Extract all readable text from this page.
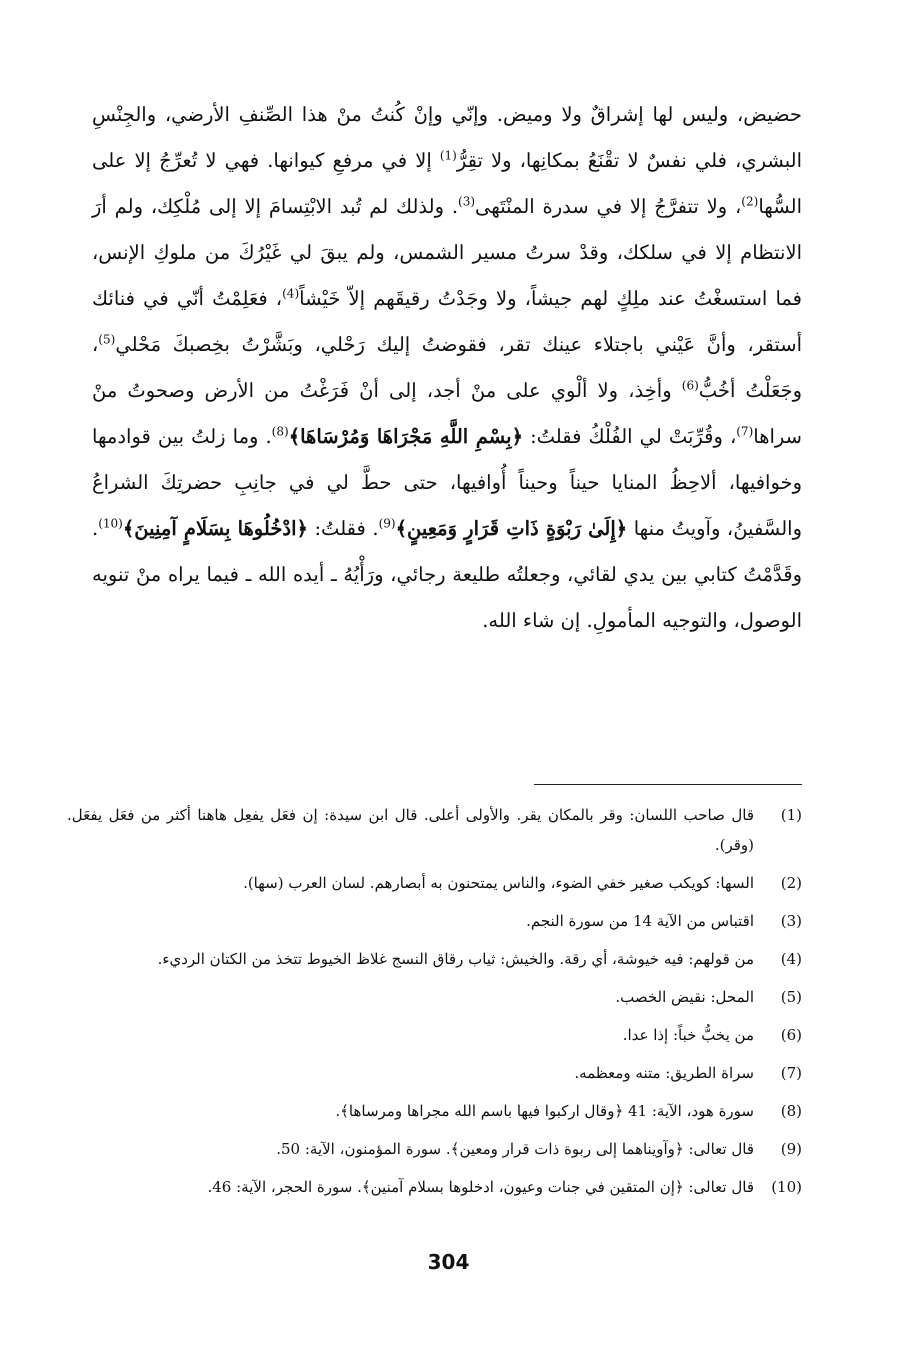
حضيض، وليس لها إشراقٌ ولا وميض. وإنّي وإنْ كُنتُ منْ هذا الصِّنفِ الأرضي، والجِنْسِ البشري، فلي نفسٌ لا تقْنَعُ بمكانِها، ولا تقِرُّ$^{(1)}$ إلا في مرفعِ كيوانها. فهي لا تُعرِّجُ إلا على السُّها$^{(2)}$، ولا تتفرَّجُ إلا في سدرة المنْتَهى$^{(3)}$. ولذلك لم تُبد الابْتِسامَ إلا إلى مُلْكِك، ولم أرَ الانتظام إلا في سلكك، وقدْ سرتُ مسير الشمس، ولم يبقَ لي غَيْرُكَ من ملوكِ الإنس، فما استسغْتُ عند ملِكٍ لهم جيشاً، ولا وجَدْتُ رقيقَهم إلاّ خَيْشاً$^{(4)}$، فعَلِمْتُ أنّي في فنائك أستقر، وأنَّ عَيْني باجتلاء عينك تقر، فقوضتُ إليك رَحْلي، وبَشَّرْتُ بخِصبكَ مَحْلي$^{(5)}$، وجَعَلْتُ أخُبُّ$^{(6)}$ وأخِذ، ولا ألْوي على منْ أجد، إلى أنْ فَرَغْتُ من الأرض وصحوتُ منْ سراها$^{(7)}$، وقُرِّبَتْ لي الفُلْكُ فقلتُ: ﴿بِسْمِ اللَّهِ مَجْرَاهَا وَمُرْسَاهَا﴾$^{(8)}$. وما زلتُ بين قوادمها وخوافيها، ألاحِظُ المنايا حيناً وحيناً أُوافيها، حتى حطَّ لي في جانِبِ حضرتِكَ الشراعُ والسَّفينُ، وآويتُ منها ﴿إِلَىٰ رَبْوَةٍ ذَاتِ قَرَارٍ وَمَعِينٍ﴾$^{(9)}$. فقلتُ: ﴿ادْخُلُوهَا بِسَلَامٍ آمِنِينَ﴾$^{(10)}$. وقَدَّمْتُ كتابي بين يدي لقائي، وجعلتُه طليعة رجائي، ورَأْيُهُ ـ أيده الله ـ فيما يراه منْ تنويه الوصول، والتوجيه المأمولِ. إن شاء الله.

(1)
قال صاحب اللسان: وقر بالمكان يقر. والأولى أعلى. قال ابن سيدة: إن فعَل يفعِل هاهنا أكثر من فعَل يفعَل. (وقر).
(2)
السها: كويكب صغير خفي الضوء، والناس يمتحنون به أبصارهم. لسان العرب (سها).
(3)
اقتباس من الآية 14 من سورة النجم.
(4)
من قولهم: فيه خيوشة، أي رقة. والخيش: ثياب رقاق النسج غلاظ الخيوط تتخذ من الكتان الرديء.
(5)
المحل: نقيض الخصب.
(6)
من يخبُّ خباً: إذا عدا.
(7)
سراة الطريق: متنه ومعظمه.
(8)
سورة هود، الآية: 41 ﴿وقال اركبوا فيها باسم الله مجراها ومرساها﴾.
(9)
قال تعالى: ﴿وآويناهما إلى ربوة ذات قرار ومعين﴾. سورة المؤمنون، الآية: 50.
(10)
قال تعالى: ﴿إن المتقين في جنات وعيون، ادخلوها بسلام آمنين﴾. سورة الحجر، الآية: 46.
304
